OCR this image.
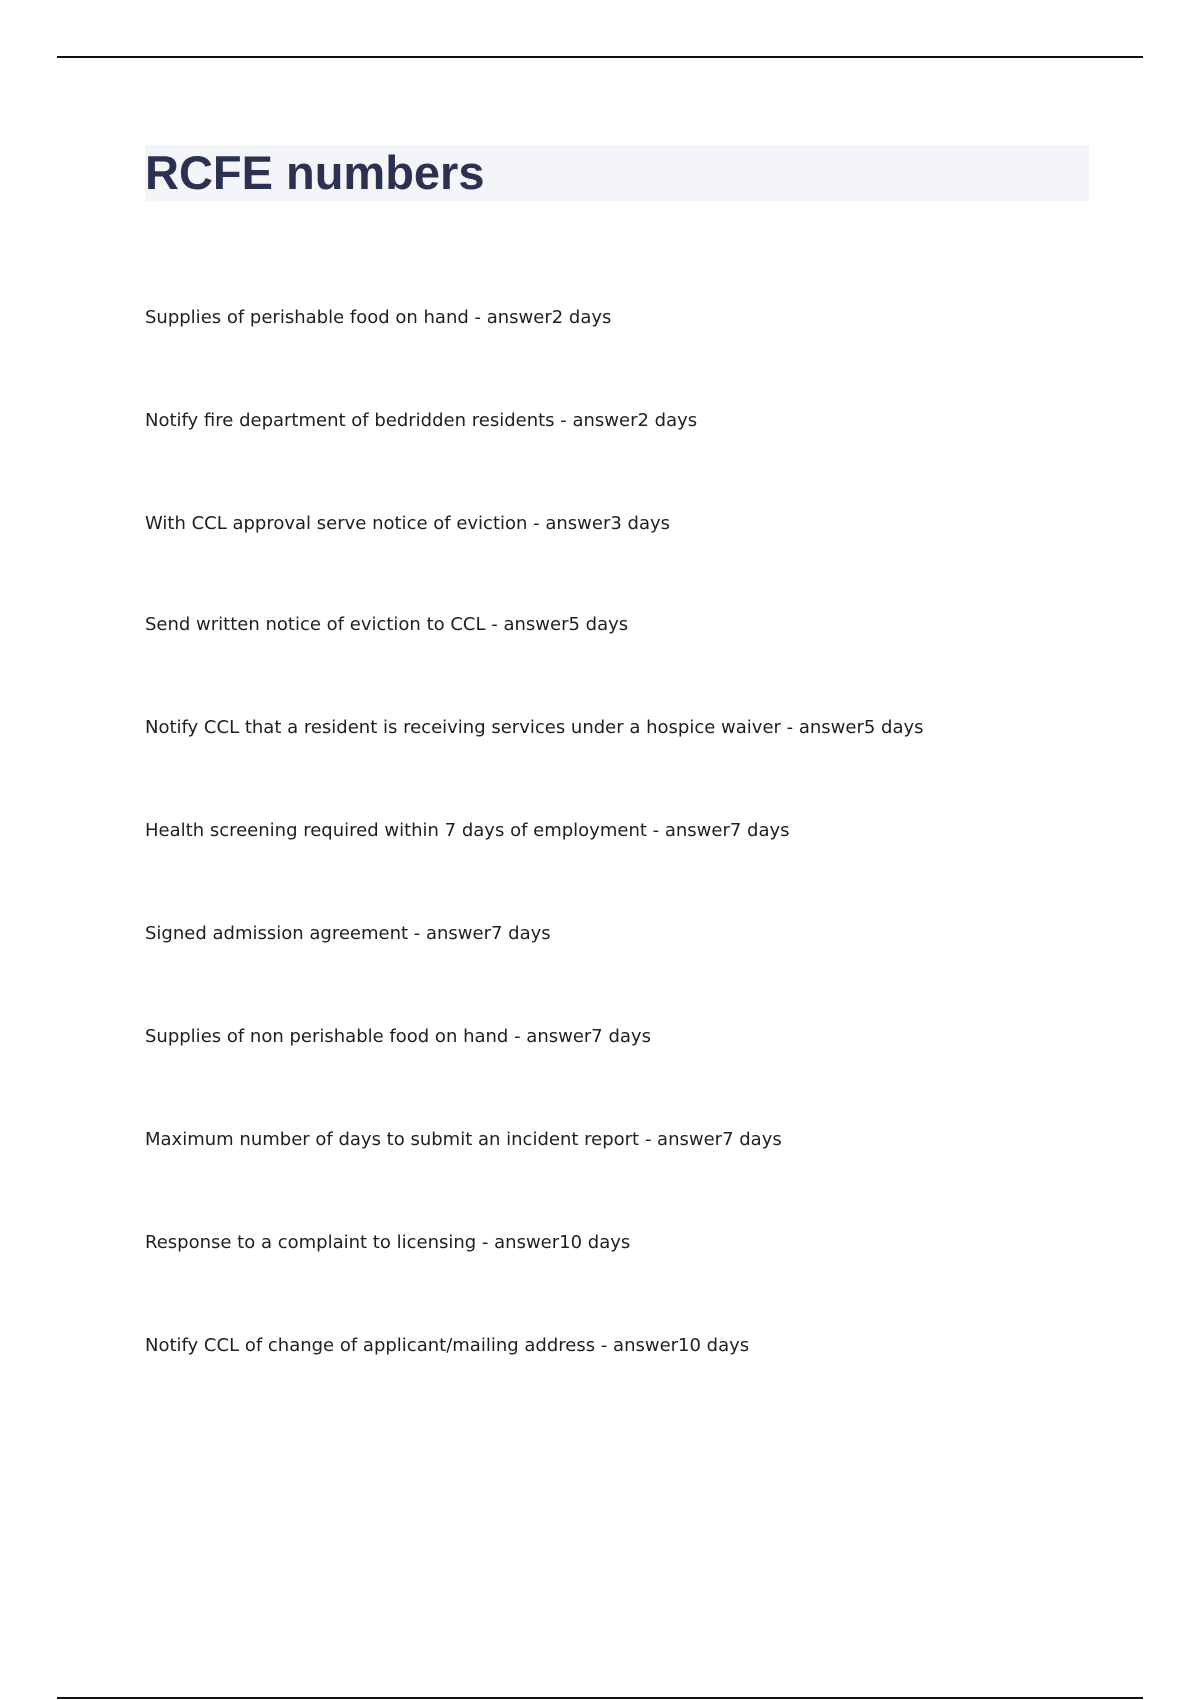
RCFE numbers

Supplies of perishable food on hand - answer2 days

Notify fire department of bedridden residents - answer2 days

With CCL approval serve notice of eviction - answer3 days

Send written notice of eviction to CCL - answer5 days

Notify CCL that a resident is receiving services under a hospice waiver - answer5 days

Health screening required within 7 days of employment - answer7 days

Signed admission agreement - answer7 days

Supplies of non perishable food on hand - answer7 days

Maximum number of days to submit an incident report - answer7 days

Response to a complaint to licensing - answer10 days

Notify CCL of change of applicant/mailing address - answer10 days
